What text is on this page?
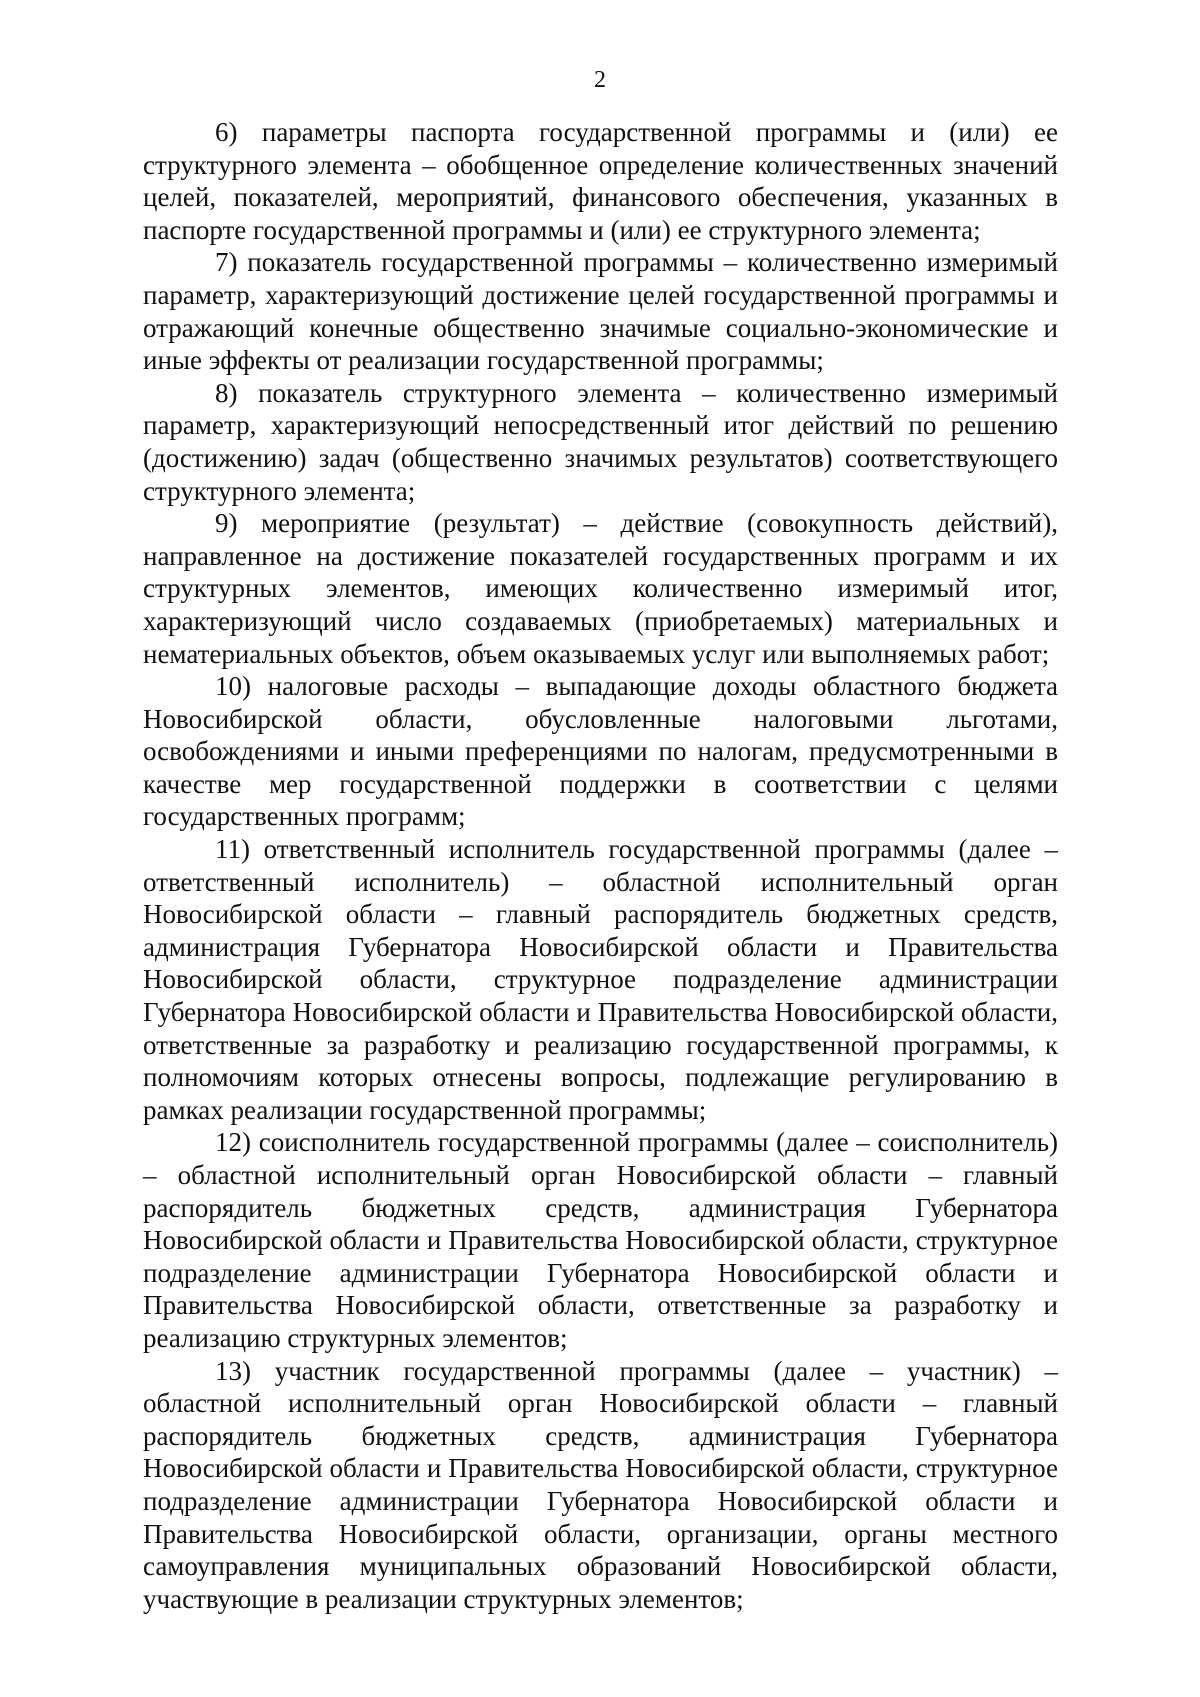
2

6) параметры паспорта государственной программы и (или) ее структурного элемента – обобщенное определение количественных значений целей, показателей, мероприятий, финансового обеспечения, указанных в паспорте государственной программы и (или) ее структурного элемента;

7) показатель государственной программы – количественно измеримый параметр, характеризующий достижение целей государственной программы и отражающий конечные общественно значимые социально-экономические и иные эффекты от реализации государственной программы;

8) показатель структурного элемента – количественно измеримый параметр, характеризующий непосредственный итог действий по решению (достижению) задач (общественно значимых результатов) соответствующего структурного элемента;

9) мероприятие (результат) – действие (совокупность действий), направленное на достижение показателей государственных программ и их структурных элементов, имеющих количественно измеримый итог, характеризующий число создаваемых (приобретаемых) материальных и нематериальных объектов, объем оказываемых услуг или выполняемых работ;

10) налоговые расходы – выпадающие доходы областного бюджета Новосибирской области, обусловленные налоговыми льготами, освобождениями и иными преференциями по налогам, предусмотренными в качестве мер государственной поддержки в соответствии с целями государственных программ;

11) ответственный исполнитель государственной программы (далее – ответственный исполнитель) – областной исполнительный орган Новосибирской области – главный распорядитель бюджетных средств, администрация Губернатора Новосибирской области и Правительства Новосибирской области, структурное подразделение администрации Губернатора Новосибирской области и Правительства Новосибирской области, ответственные за разработку и реализацию государственной программы, к полномочиям которых отнесены вопросы, подлежащие регулированию в рамках реализации государственной программы;

12) соисполнитель государственной программы (далее – соисполнитель) – областной исполнительный орган Новосибирской области – главный распорядитель бюджетных средств, администрация Губернатора Новосибирской области и Правительства Новосибирской области, структурное подразделение администрации Губернатора Новосибирской области и Правительства Новосибирской области, ответственные за разработку и реализацию структурных элементов;

13) участник государственной программы (далее – участник) – областной исполнительный орган Новосибирской области – главный распорядитель бюджетных средств, администрация Губернатора Новосибирской области и Правительства Новосибирской области, структурное подразделение администрации Губернатора Новосибирской области и Правительства Новосибирской области, организации, органы местного самоуправления муниципальных образований Новосибирской области, участвующие в реализации структурных элементов;
